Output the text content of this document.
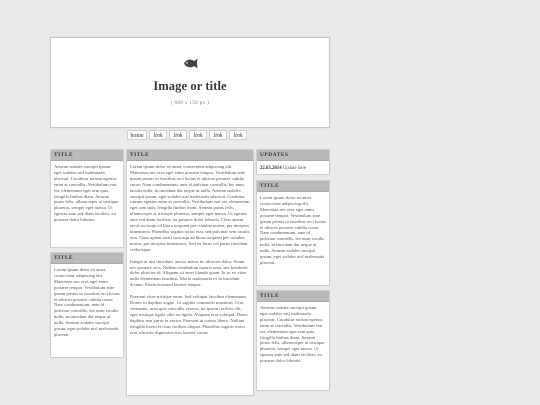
Image or title
( 660 x 150 px )
home	link	link	link	link	link
TITLE
Aenean sodales suscipit ipsum, eget sodales nisl malesuada placerat. Curabitur rutrum egestas enim at convallis. Vestibulum erat est, elementum eget sem quis, fringilla finibus diam. Aenean purus felis, ullamcorper at tristique pharetra, semper eget massa. Ut egestas ante sed diam facilisis, eu posuere dolor lobortis.
TITLE
Lorem ipsum dolor sit amet, consectetur adipiscing elit. Maecenas nec eros eget enim posuere tempor. Vestibulum ante ipsum primis in faucibus orci luctus et ultrices posuere cubilia curae; Nam condimentum, ante id pulvinar convallis, leo nunc iaculis nulla, in tincidunt dui neque ut nulla. Aenean sodales suscipit ipsum, eget sodales nisl malesuada placerat.
TITLE

Lorem ipsum dolor sit amet, consectetur adipiscing elit. Maecenas nec eros eget enim posuere tempor. Vestibulum ante ipsum primis in faucibus orci luctus et ultrices posuere cubilia curae; Nam condimentum, ante id pulvinar convallis, leo nunc iaculis nulla, in tincidunt dui neque ut nulla. Aenean sodales suscipit ipsum, eget sodales nisl malesuada placerat. Curabitur rutrum egestas enim at convallis. Vestibulum erat est, elementum eget sem quis, fringilla finibus diam. Aenean purus felis, ullamcorper at tristique pharetra, semper eget massa. Ut egestas ante sed diam facilisis, eu posuere dolor lobortis. Class aptent taciti sociosqu ad litora torquent per conubia nostra, per inceptos himenaeos. Phasellus sagittis tortor erat, sed pulvinar sem iaculis non. Class aptent taciti sociosqu ad litora torquent per conubia nostra, per inceptos himenaeos. Sed eu lacus vel purus tincidunt scelerisque.

Integer at nisi tincidunt, auctor metus in, ultricies dolor. Etiam nec posuere eros. Nullam vestibulum mauris urna, nec hendrerit dolor ultricies id. Aliquam sit amet blandit quam. In ac ex vitae nulla elementum faucibus. Morbi malesuada ex in tincidunt dictum. Etiam euismod laoreet tempor.

Praesent vitae tristique enim. Sed volutpat faucibus elementum. Donec in dapibus augue. Ut sagittis commodo maximus. Cras venenatis, urna quis convallis viverra, mi ipsum facilisis elit, eget tristique ligula odio eu ligula. Aliquam erat volutpat. Donec dapibus non purus in auctor. Praesent ut cursus libero. Nullam fringilla lorem et risus facilisis aliquet. Phasellus sagittis tortor erat, ultricies dignissim eros laoreet varius.

UPDATES
22.03.2014 Update here
TITLE
Lorem ipsum dolor sit amet, consectetur adipiscing elit. Maecenas nec eros eget enim posuere tempor. Vestibulum ante ipsum primis in faucibus orci luctus et ultrices posuere cubilia curae; Nam condimentum, ante id pulvinar convallis, leo nunc iaculis nulla, in tincidunt dui neque ut nulla. Aenean sodales suscipit ipsum, eget sodales nisl malesuada placerat.
TITLE
Aenean sodales suscipit ipsum, eget sodales nisl malesuada placerat. Curabitur rutrum egestas enim at convallis. Vestibulum erat est, elementum eget sem quis, fringilla finibus diam. Aenean purus felis, ullamcorper at tristique pharetra, semper eget massa. Ut egestas ante sed diam facilisis, eu posuere dolor lobortis.
